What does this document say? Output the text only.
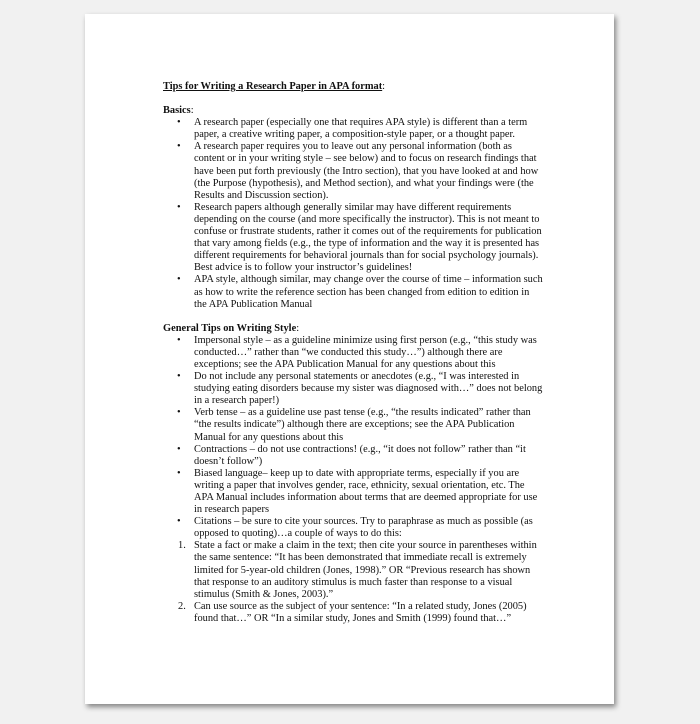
Tips for Writing a Research Paper in APA format:

Basics:

• A research paper (especially one that requires APA style) is different than a term paper, a creative writing paper, a composition-style paper, or a thought paper.
• A research paper requires you to leave out any personal information (both as content or in your writing style – see below) and to focus on research findings that have been put forth previously (the Intro section), that you have looked at and how (the Purpose (hypothesis), and Method section), and what your findings were (the Results and Discussion section).
• Research papers although generally similar may have different requirements depending on the course (and more specifically the instructor). This is not meant to confuse or frustrate students, rather it comes out of the requirements for publication that vary among fields (e.g., the type of information and the way it is presented has different requirements for behavioral journals than for social psychology journals). Best advice is to follow your instructor’s guidelines!
• APA style, although similar, may change over the course of time – information such as how to write the reference section has been changed from edition to edition in the APA Publication Manual

General Tips on Writing Style:

• Impersonal style – as a guideline minimize using first person (e.g., “this study was conducted…” rather than “we conducted this study…”) although there are exceptions; see the APA Publication Manual for any questions about this
• Do not include any personal statements or anecdotes (e.g., “I was interested in studying eating disorders because my sister was diagnosed with…” does not belong in a research paper!)
• Verb tense – as a guideline use past tense (e.g., “the results indicated” rather than “the results indicate”) although there are exceptions; see the APA Publication Manual for any questions about this
• Contractions – do not use contractions! (e.g., “it does not follow” rather than “it doesn’t follow”)
• Biased language– keep up to date with appropriate terms, especially if you are writing a paper that involves gender, race, ethnicity, sexual orientation, etc. The APA Manual includes information about terms that are deemed appropriate for use in research papers
• Citations – be sure to cite your sources. Try to paraphrase as much as possible (as opposed to quoting)…a couple of ways to do this:
1. State a fact or make a claim in the text; then cite your source in parentheses within the same sentence: “It has been demonstrated that immediate recall is extremely limited for 5-year-old children (Jones, 1998).” OR “Previous research has shown that response to an auditory stimulus is much faster than response to a visual stimulus (Smith & Jones, 2003).”
2. Can use source as the subject of your sentence: “In a related study, Jones (2005) found that…” OR “In a similar study, Jones and Smith (1999) found that…”
